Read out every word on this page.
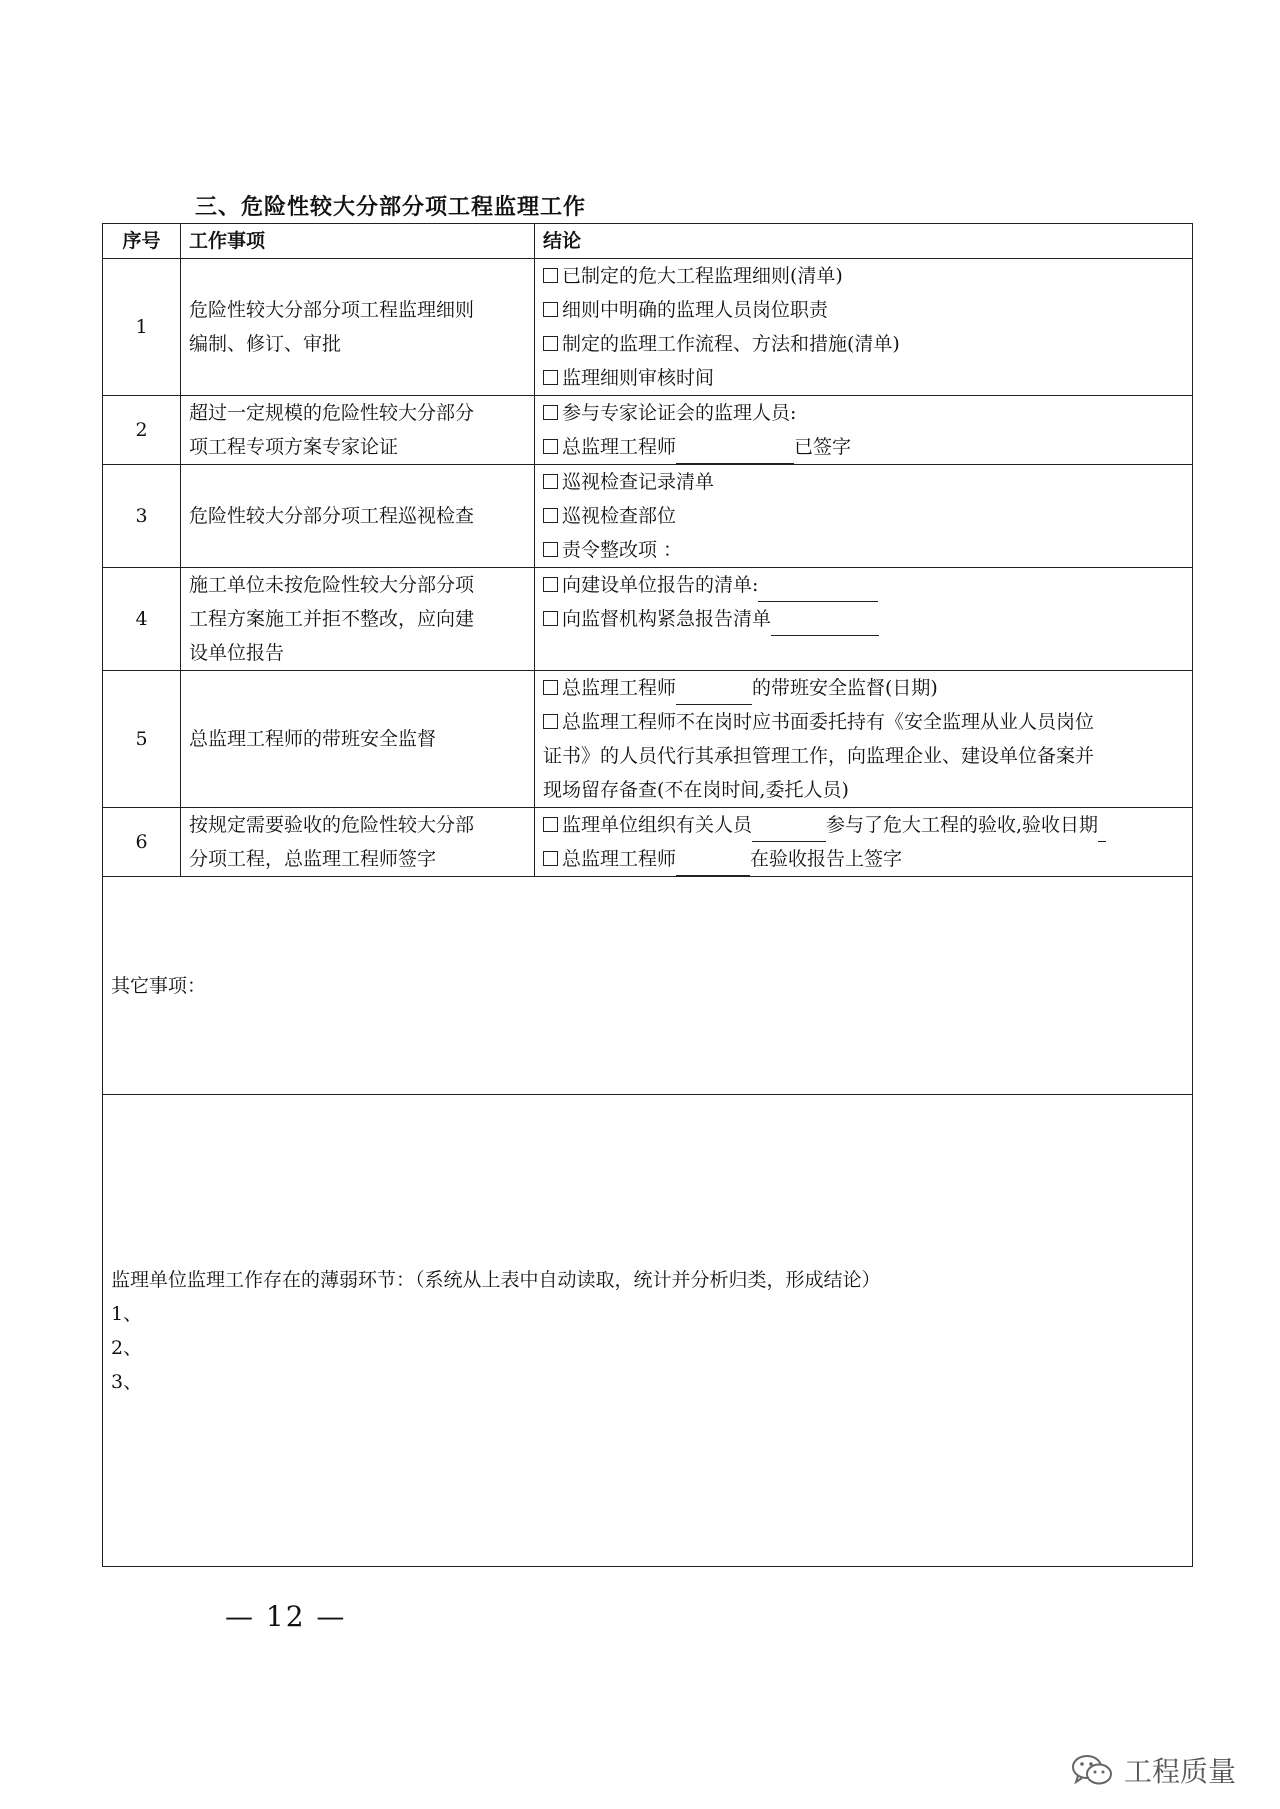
三、危险性较大分部分项工程监理工作
序号	工作事项	结论
1	危险性较大分部分项工程监理细则
编制、修订、审批	已制定的危大工程监理细则(清单)
细则中明确的监理人员岗位职责
制定的监理工作流程、方法和措施(清单)
监理细则审核时间

2	超过一定规模的危险性较大分部分
项工程专项方案专家论证	参与专家论证会的监理人员:
总监理工程师 已签字

3	危险性较大分部分项工程巡视检查	巡视检查记录清单
巡视检查部位
责令整改项 ：

4	施工单位未按危险性较大分部分项
工程方案施工并拒不整改，应向建
设单位报告	向建设单位报告的清单:
向监督机构紧急报告清单

5	总监理工程师的带班安全监督	总监理工程师 的带班安全监督(日期)
总监理工程师不在岗时应书面委托持有《安全监理从业人员岗位
证书》的人员代行其承担管理工作，向监理企业、建设单位备案并
现场留存备查(不在岗时间,委托人员)

6	按规定需要验收的危险性较大分部
分项工程，总监理工程师签字	监理单位组织有关人员 参与了危大工程的验收,验收日期
总监理工程师 在验收报告上签字

其它事项：		

监理单位监理工作存在的薄弱环节：（系统从上表中自动读取，统计并分析归类，形成结论）
1、
2、
3、		
— 12 —
工程质量
